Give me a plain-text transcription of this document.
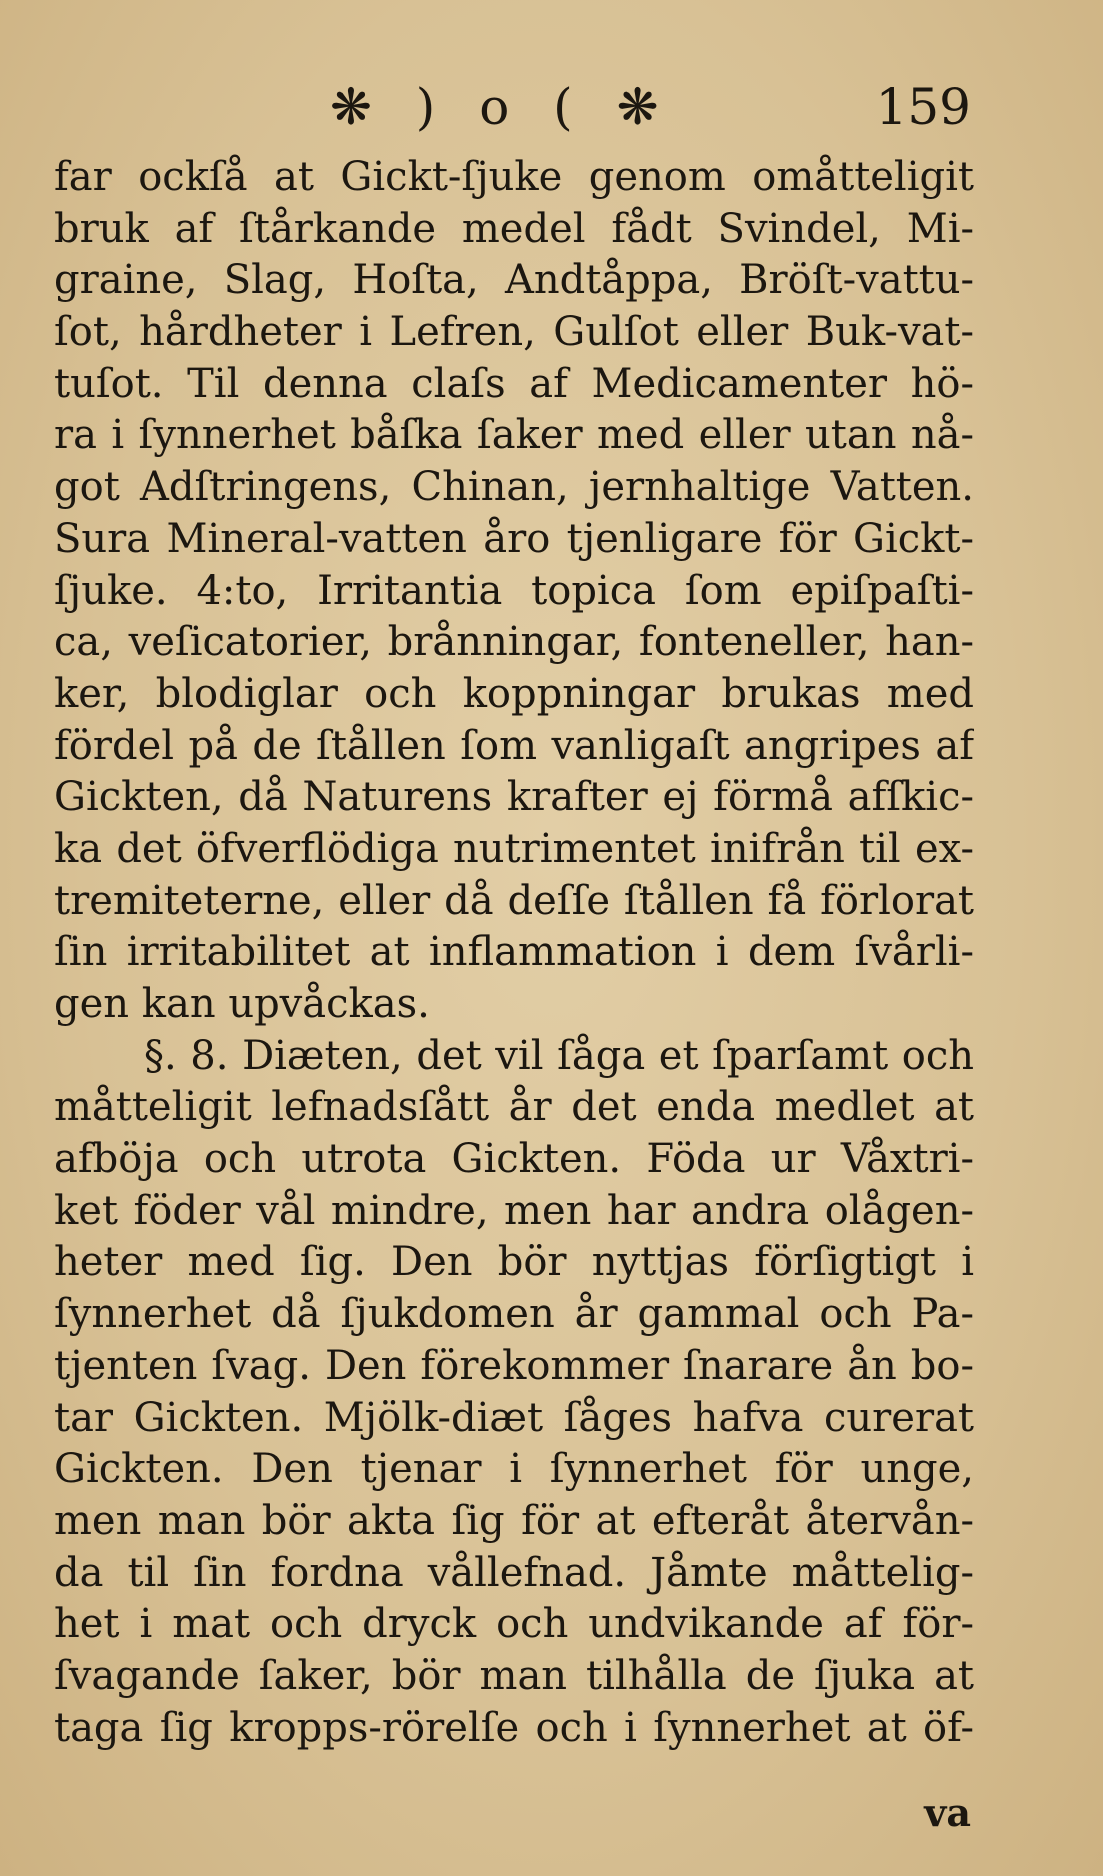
❋ ) o ( ❋	159
far ockſå at Gickt-ſjuke genom omåtteligit
bruk af ſtårkande medel fådt Svindel, Mi-
graine, Slag, Hoſta, Andtåppa, Bröſt-vattu-
ſot, hårdheter i Lefren, Gulſot eller Buk-vat-
tuſot. Til denna claſs af Medicamenter hö-
ra i ſynnerhet båſka ſaker med eller utan nå-
got Adſtringens, Chinan, jernhaltige Vatten.
Sura Mineral-vatten åro tjenligare för Gickt-
ſjuke. 4:to, Irritantia topica ſom epiſpaſti-
ca, veſicatorier, brånningar, fonteneller, han-
ker, blodiglar och koppningar brukas med
fördel på de ſtållen ſom vanligaſt angripes af
Gickten, då Naturens krafter ej förmå afſkic-
ka det öfverflödiga nutrimentet inifrån til ex-
tremiteterne, eller då deſſe ſtållen få förlorat
ſin irritabilitet at inflammation i dem ſvårli-
gen kan upvåckas.
§. 8. Diæten, det vil ſåga et ſparſamt och
måtteligit lefnadsſått år det enda medlet at
afböja och utrota Gickten. Föda ur Våxtri-
ket föder vål mindre, men har andra olågen-
heter med ſig. Den bör nyttjas förſigtigt i
ſynnerhet då ſjukdomen år gammal och Pa-
tjenten ſvag. Den förekommer ſnarare ån bo-
tar Gickten. Mjölk-diæt ſåges hafva curerat
Gickten. Den tjenar i ſynnerhet för unge,
men man bör akta ſig för at efteråt återvån-
da til ſin fordna vållefnad. Jåmte måttelig-
het i mat och dryck och undvikande af för-
ſvagande ſaker, bör man tilhålla de ſjuka at
taga ſig kropps-rörelſe och i ſynnerhet at öf-
va
